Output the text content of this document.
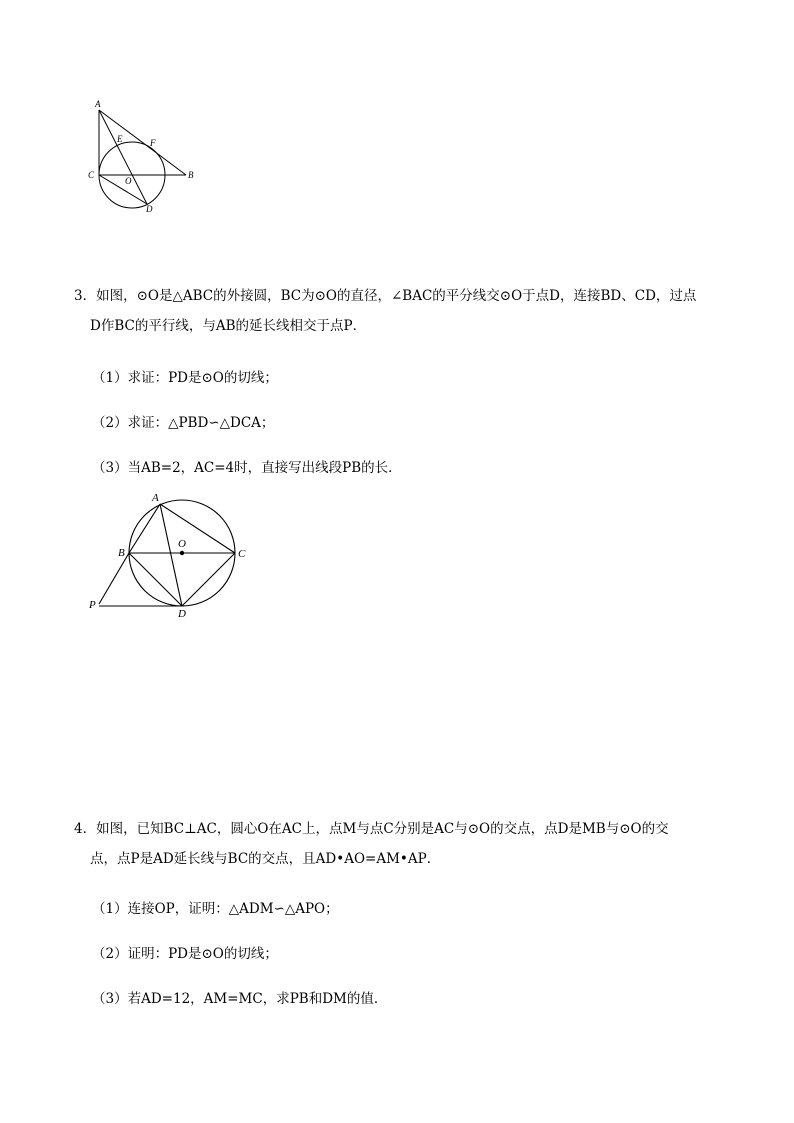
A
E	F
C
O
B
D
3．如图，⊙O是△ABC的外接圆，BC为⊙O的直径，∠BAC的平分线交⊙O于点D，连接BD、CD，过点
D作BC的平行线，与AB的延长线相交于点P．
（1）求证：PD是⊙O的切线；
（2）求证：△PBD∽△DCA；
（3）当AB=2，AC=4时，直接写出线段PB的长．
A
B
O
C
P
D
4．如图，已知BC⊥AC，圆心O在AC上，点M与点C分别是AC与⊙O的交点，点D是MB与⊙O的交
点，点P是AD延长线与BC的交点，且AD•AO=AM•AP．
（1）连接OP，证明：△ADM∽△APO；
（2）证明：PD是⊙O的切线；
（3）若AD=12，AM=MC，求PB和DM的值．
